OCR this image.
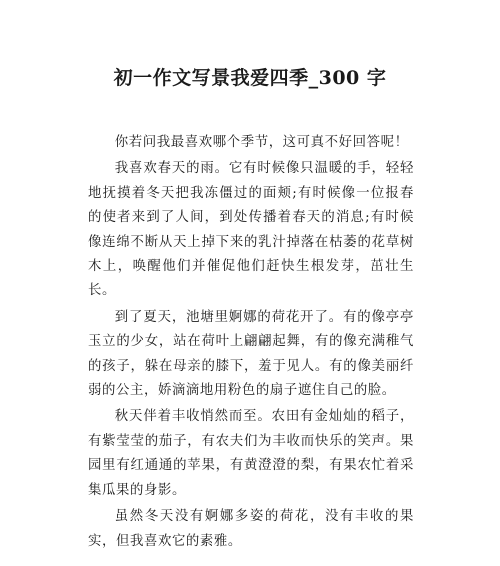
初一作文写景我爱四季_300 字

你若问我最喜欢哪个季节，这可真不好回答呢！

我喜欢春天的雨。它有时候像只温暖的手，轻轻地抚摸着冬天把我冻僵过的面颊;有时候像一位报春的使者来到了人间，到处传播着春天的消息;有时候像连绵不断从天上掉下来的乳汁掉落在枯萎的花草树木上，唤醒他们并催促他们赶快生根发芽，茁壮生长。

到了夏天，池塘里婀娜的荷花开了。有的像亭亭玉立的少女，站在荷叶上翩翩起舞，有的像充满稚气的孩子，躲在母亲的膝下，羞于见人。有的像美丽纤弱的公主，娇滴滴地用粉色的扇子遮住自己的脸。

秋天伴着丰收悄然而至。农田有金灿灿的稻子，有紫莹莹的茄子，有农夫们为丰收而快乐的笑声。果园里有红通通的苹果，有黄澄澄的梨，有果农忙着采集瓜果的身影。

虽然冬天没有婀娜多姿的荷花，没有丰收的果实，但我喜欢它的素雅。
